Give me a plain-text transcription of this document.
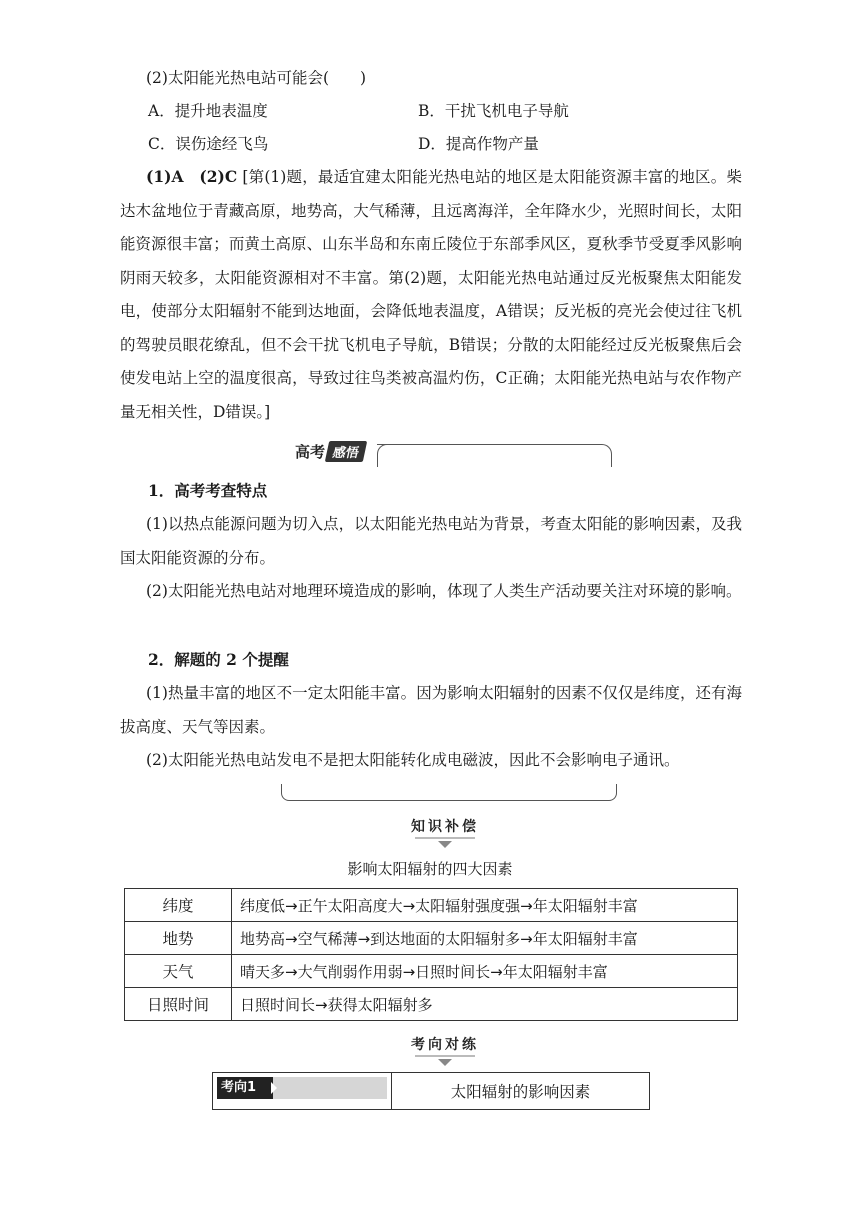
(2)太阳能光热电站可能会(　　)
A．提升地表温度	B．干扰飞机电子导航
C．误伤途经飞鸟	D．提高作物产量
(1)A　(2)C [第(1)题，最适宜建太阳能光热电站的地区是太阳能资源丰富的地区。柴达木盆地位于青藏高原，地势高，大气稀薄，且远离海洋，全年降水少，光照时间长，太阳能资源很丰富；而黄土高原、山东半岛和东南丘陵位于东部季风区，夏秋季节受夏季风影响阴雨天较多，太阳能资源相对不丰富。第(2)题，太阳能光热电站通过反光板聚焦太阳能发电，使部分太阳辐射不能到达地面，会降低地表温度，A错误；反光板的亮光会使过往飞机的驾驶员眼花缭乱，但不会干扰飞机电子导航，B错误；分散的太阳能经过反光板聚焦后会使发电站上空的温度很高，导致过往鸟类被高温灼伤，C正确；太阳能光热电站与农作物产量无相关性，D错误。]
高考 感悟
1．高考考查特点
(1)以热点能源问题为切入点，以太阳能光热电站为背景，考查太阳能的影响因素，及我国太阳能资源的分布。
(2)太阳能光热电站对地理环境造成的影响，体现了人类生产活动要关注对环境的影响。
2．解题的 2 个提醒
(1)热量丰富的地区不一定太阳能丰富。因为影响太阳辐射的因素不仅仅是纬度，还有海拔高度、天气等因素。
(2)太阳能光热电站发电不是把太阳能转化成电磁波，因此不会影响电子通讯。
知识补偿
影响太阳辐射的四大因素
纬度	纬度低→正午太阳高度大→太阳辐射强度强→年太阳辐射丰富
地势	地势高→空气稀薄→到达地面的太阳辐射多→年太阳辐射丰富
天气	晴天多→大气削弱作用弱→日照时间长→年太阳辐射丰富
日照时间	日照时间长→获得太阳辐射多
考向对练
考向1	太阳辐射的影响因素
